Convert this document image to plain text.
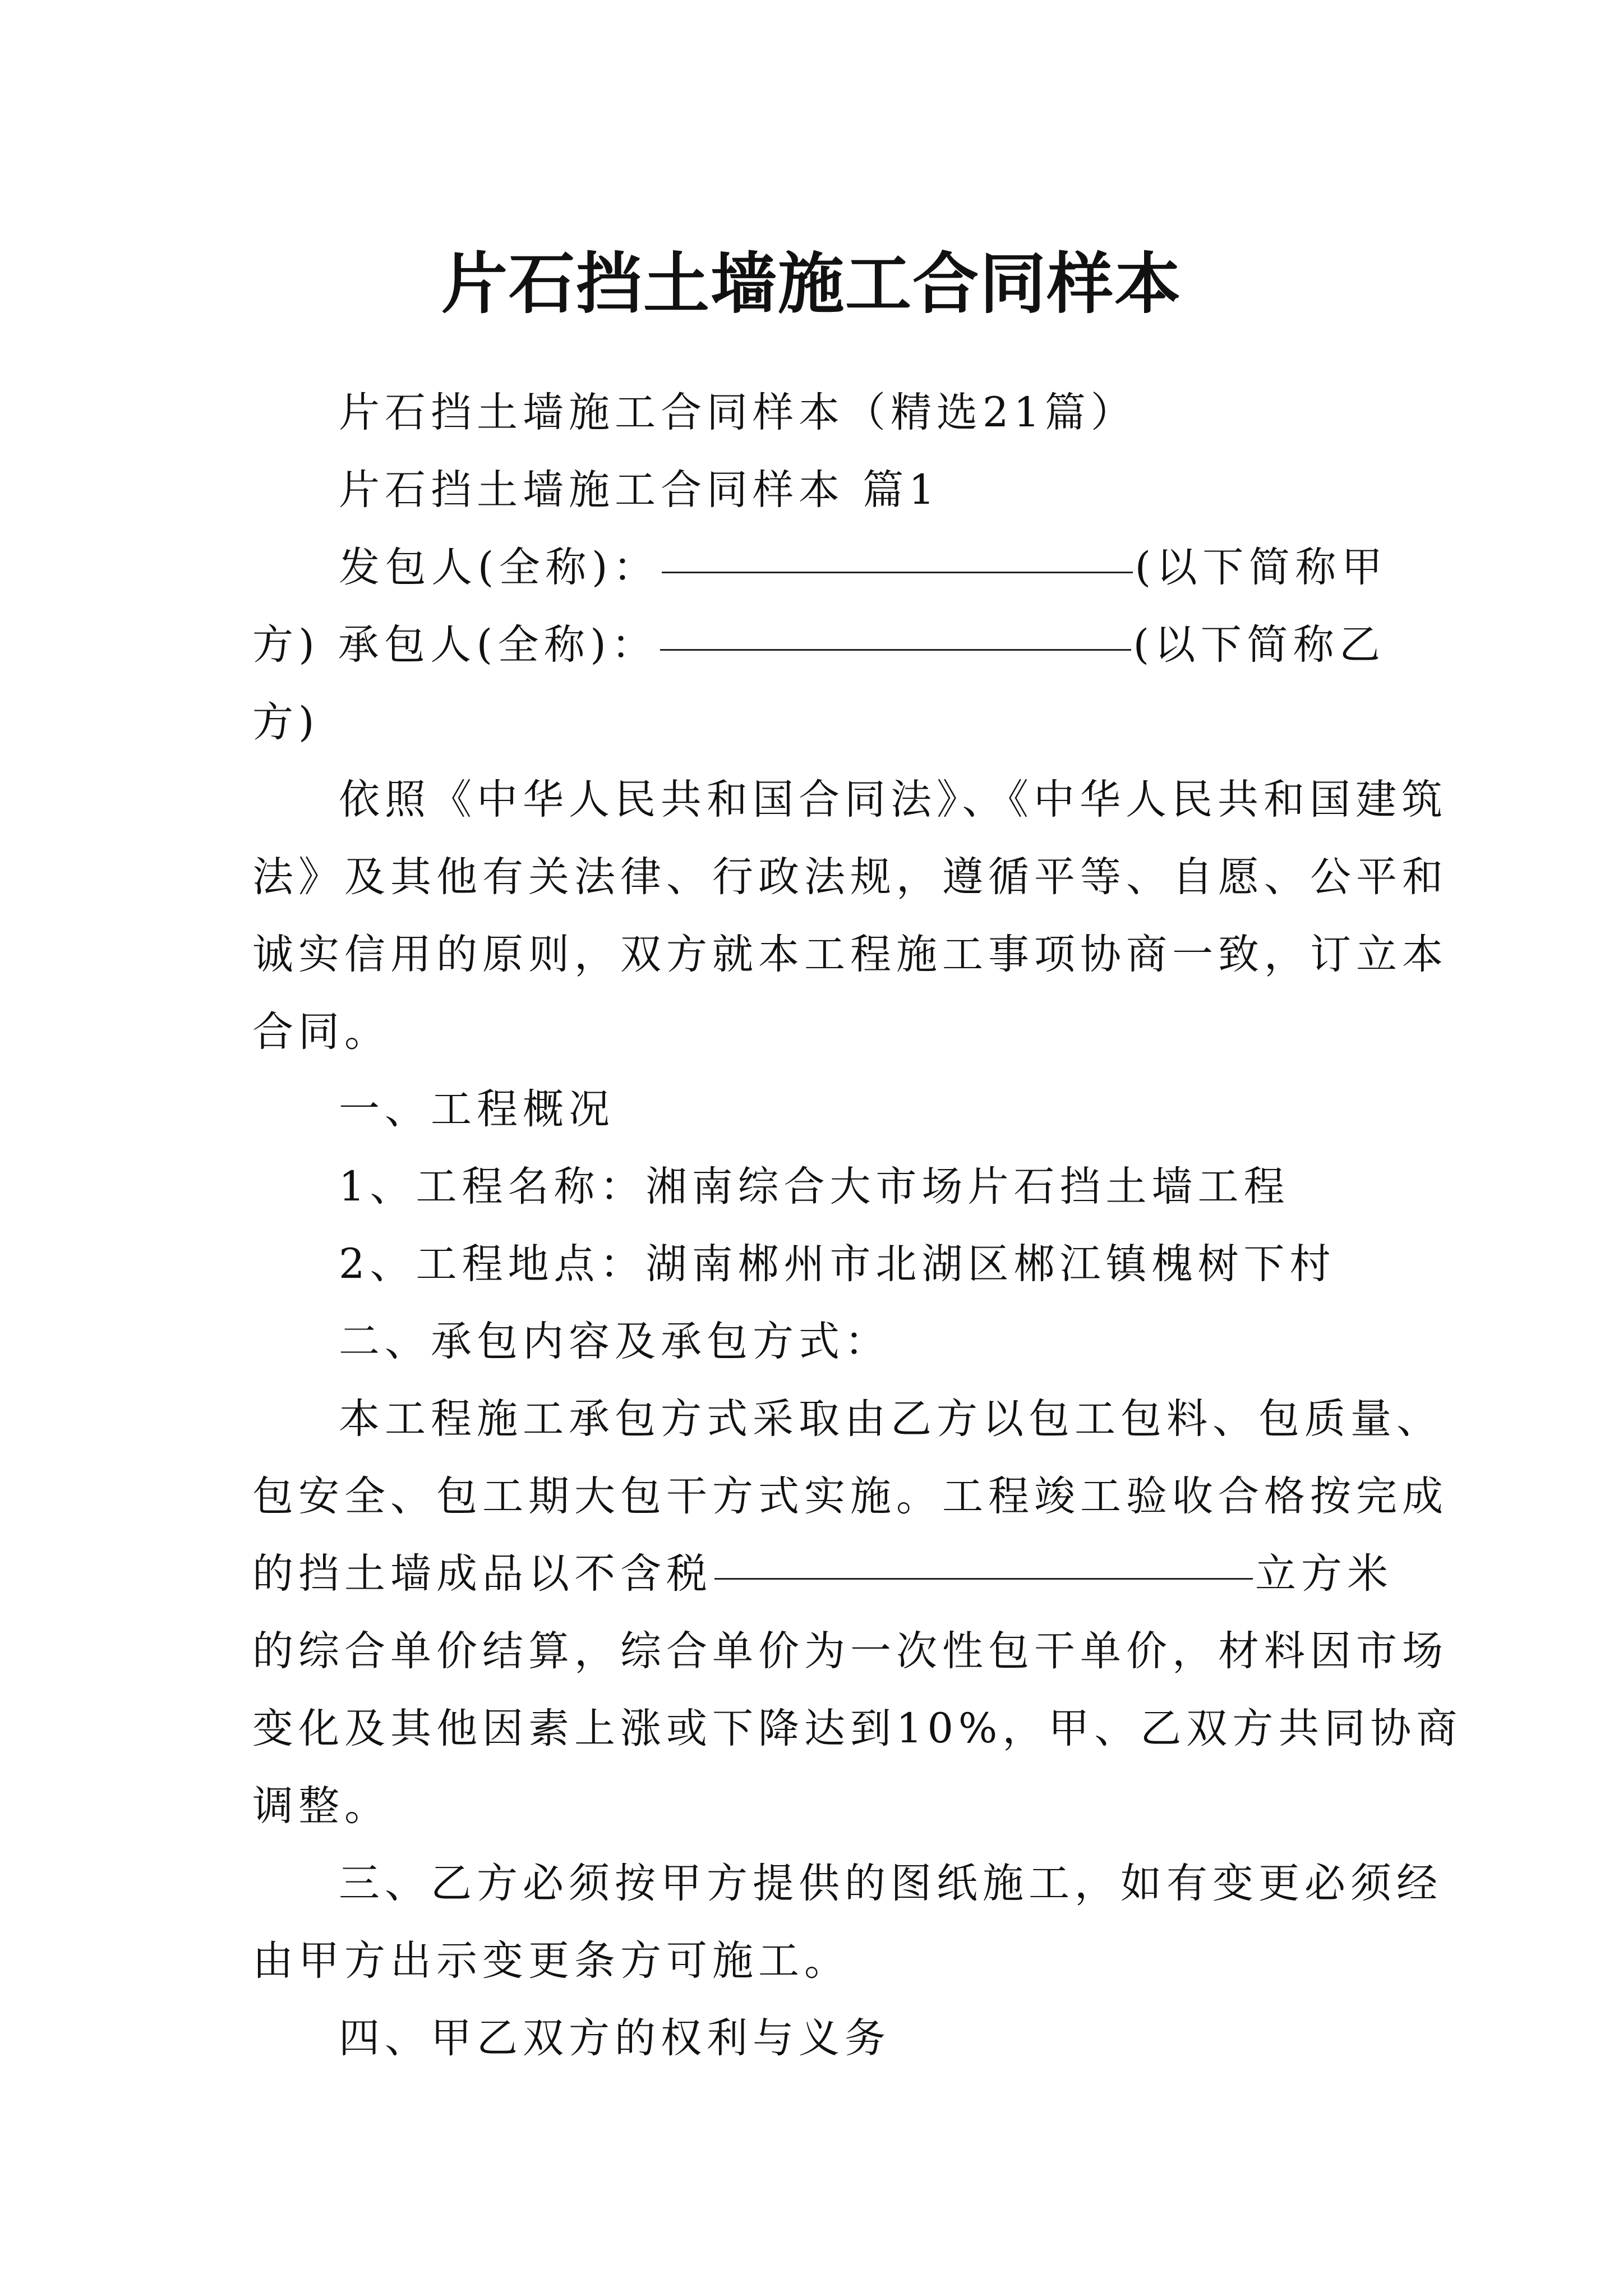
片石挡土墙施工合同样本
片石挡土墙施工合同样本（精选21篇）
片石挡土墙施工合同样本 篇1
发包人(全称)：	(以下简称甲
方) 承包人(全称)：	(以下简称乙
方)
依照《中华人民共和国合同法》、《中华人民共和国建筑
法》及其他有关法律、行政法规，遵循平等、自愿、公平和
诚实信用的原则，双方就本工程施工事项协商一致，订立本
合同。
一、工程概况
1、工程名称：湘南综合大市场片石挡土墙工程
2、工程地点：湖南郴州市北湖区郴江镇槐树下村
二、承包内容及承包方式：
本工程施工承包方式采取由乙方以包工包料、包质量、
包安全、包工期大包干方式实施。工程竣工验收合格按完成
的挡土墙成品以不含税	立方米
的综合单价结算，综合单价为一次性包干单价，材料因市场
变化及其他因素上涨或下降达到10%，甲、乙双方共同协商
调整。
三、乙方必须按甲方提供的图纸施工，如有变更必须经
由甲方出示变更条方可施工。
四、甲乙双方的权利与义务
